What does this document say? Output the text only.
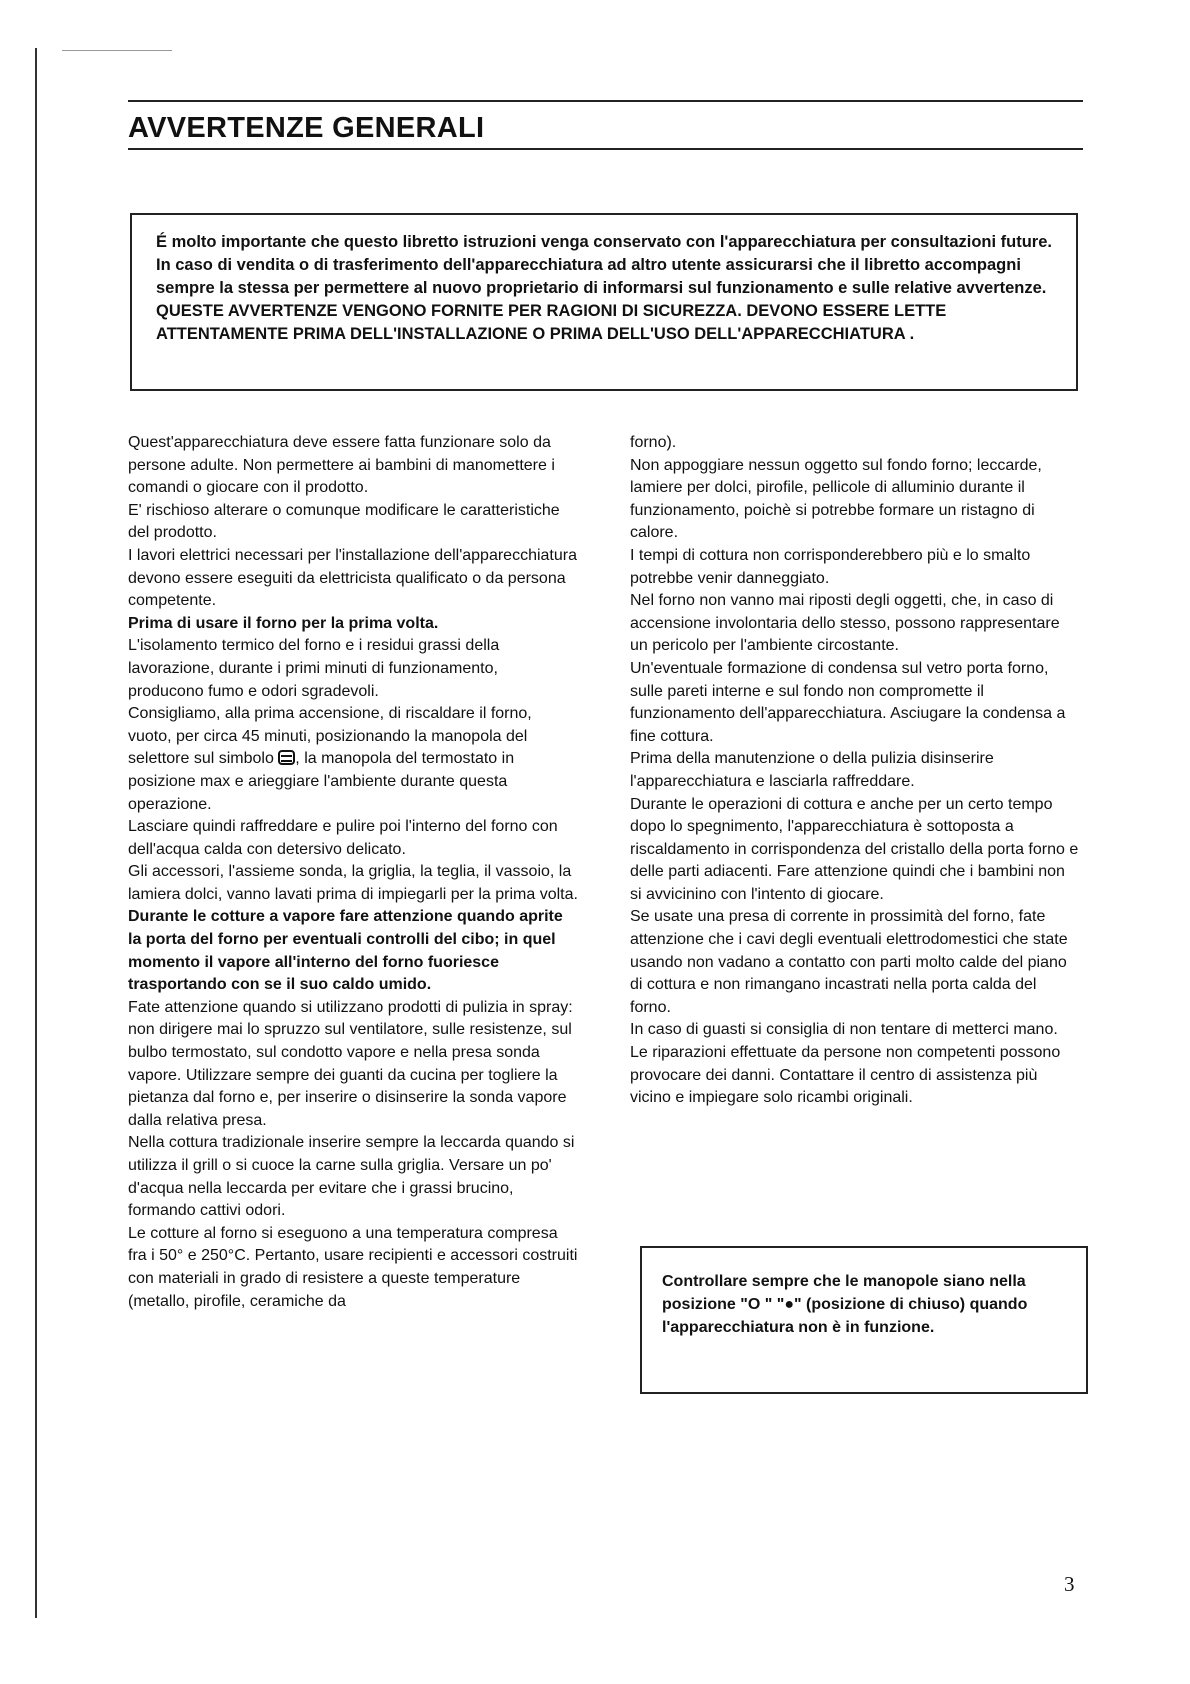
AVVERTENZE GENERALI

É molto importante che questo libretto istruzioni venga conservato con l'apparecchiatura per consultazioni future. In caso di vendita o di trasferimento dell'apparecchiatura ad altro utente assicurarsi che il libretto accompagni sempre la stessa per permettere al nuovo proprietario di informarsi sul funzionamento e sulle relative avvertenze.

QUESTE AVVERTENZE VENGONO FORNITE PER RAGIONI DI SICUREZZA. DEVONO ESSERE LETTE ATTENTAMENTE PRIMA DELL'INSTALLAZIONE O PRIMA DELL'USO DELL'APPARECCHIATURA .

Quest'apparecchiatura deve essere fatta funzionare solo da persone adulte. Non permettere ai bambini di manomettere i comandi o giocare con il prodotto.

E' rischioso alterare o comunque modificare le caratteristiche del prodotto.

I lavori elettrici necessari per l'installazione dell'apparecchiatura devono essere eseguiti da elettricista qualificato o da persona competente.

Prima di usare il forno per la prima volta.

L'isolamento termico del forno e i residui grassi della lavorazione, durante i primi minuti di funzionamento, producono fumo e odori sgradevoli.

Consigliamo, alla prima accensione, di riscaldare il forno, vuoto, per circa 45 minuti, posizionando la manopola del selettore sul simbolo , la manopola del termostato in posizione max e arieggiare l'ambiente durante questa operazione.

Lasciare quindi raffreddare e pulire poi l'interno del forno con dell'acqua calda con detersivo delicato.

Gli accessori, l'assieme sonda, la griglia, la teglia, il vassoio, la lamiera dolci, vanno lavati prima di impiegarli per la prima volta.

Durante le cotture a vapore fare attenzione quando aprite la porta del forno per eventuali controlli del cibo; in quel momento il vapore all'interno del forno fuoriesce trasportando con se il suo caldo umido.

Fate attenzione quando si utilizzano prodotti di pulizia in spray: non dirigere mai lo spruzzo sul ventilatore, sulle resistenze, sul bulbo termostato, sul condotto vapore e nella presa sonda vapore. Utilizzare sempre dei guanti da cucina per togliere la pietanza dal forno e, per inserire o disinserire la sonda vapore dalla relativa presa.

Nella cottura tradizionale inserire sempre la leccarda quando si utilizza il grill o si cuoce la carne sulla griglia. Versare un po' d'acqua nella leccarda per evitare che i grassi brucino, formando cattivi odori.

Le cotture al forno si eseguono a una temperatura compresa fra i 50° e 250°C. Pertanto, usare recipienti e accessori costruiti con materiali in grado di resistere a queste temperature (metallo, pirofile, ceramiche da

forno).

Non appoggiare nessun oggetto sul fondo forno; leccarde, lamiere per dolci, pirofile, pellicole di alluminio durante il funzionamento, poichè si potrebbe formare un ristagno di calore.

I tempi di cottura non corrisponderebbero più e lo smalto potrebbe venir danneggiato.

Nel forno non vanno mai riposti degli oggetti, che, in caso di accensione involontaria dello stesso, possono rappresentare un pericolo per l'ambiente circostante.

Un'eventuale formazione di condensa sul vetro porta forno, sulle pareti interne e sul fondo non compromette il funzionamento dell'apparecchiatura. Asciugare la condensa a fine cottura.

Prima della manutenzione o della pulizia disinserire l'apparecchiatura e lasciarla raffreddare.

Durante le operazioni di cottura e anche per un certo tempo dopo lo spegnimento, l'apparecchiatura è sottoposta a riscaldamento in corrispondenza del cristallo della porta forno e delle parti adiacenti. Fare attenzione quindi che i bambini non si avvicinino con l'intento di giocare.

Se usate una presa di corrente in prossimità del forno, fate attenzione che i cavi degli eventuali elettrodomestici che state usando non vadano a contatto con parti molto calde del piano di cottura e non rimangano incastrati nella porta calda del forno.

In caso di guasti si consiglia di non tentare di metterci mano. Le riparazioni effettuate da persone non competenti possono provocare dei danni. Contattare il centro di assistenza più vicino e impiegare solo ricambi originali.

Controllare sempre che le manopole siano nella posizione "O " "●" (posizione di chiuso) quando l'apparecchiatura non è in funzione.

3
